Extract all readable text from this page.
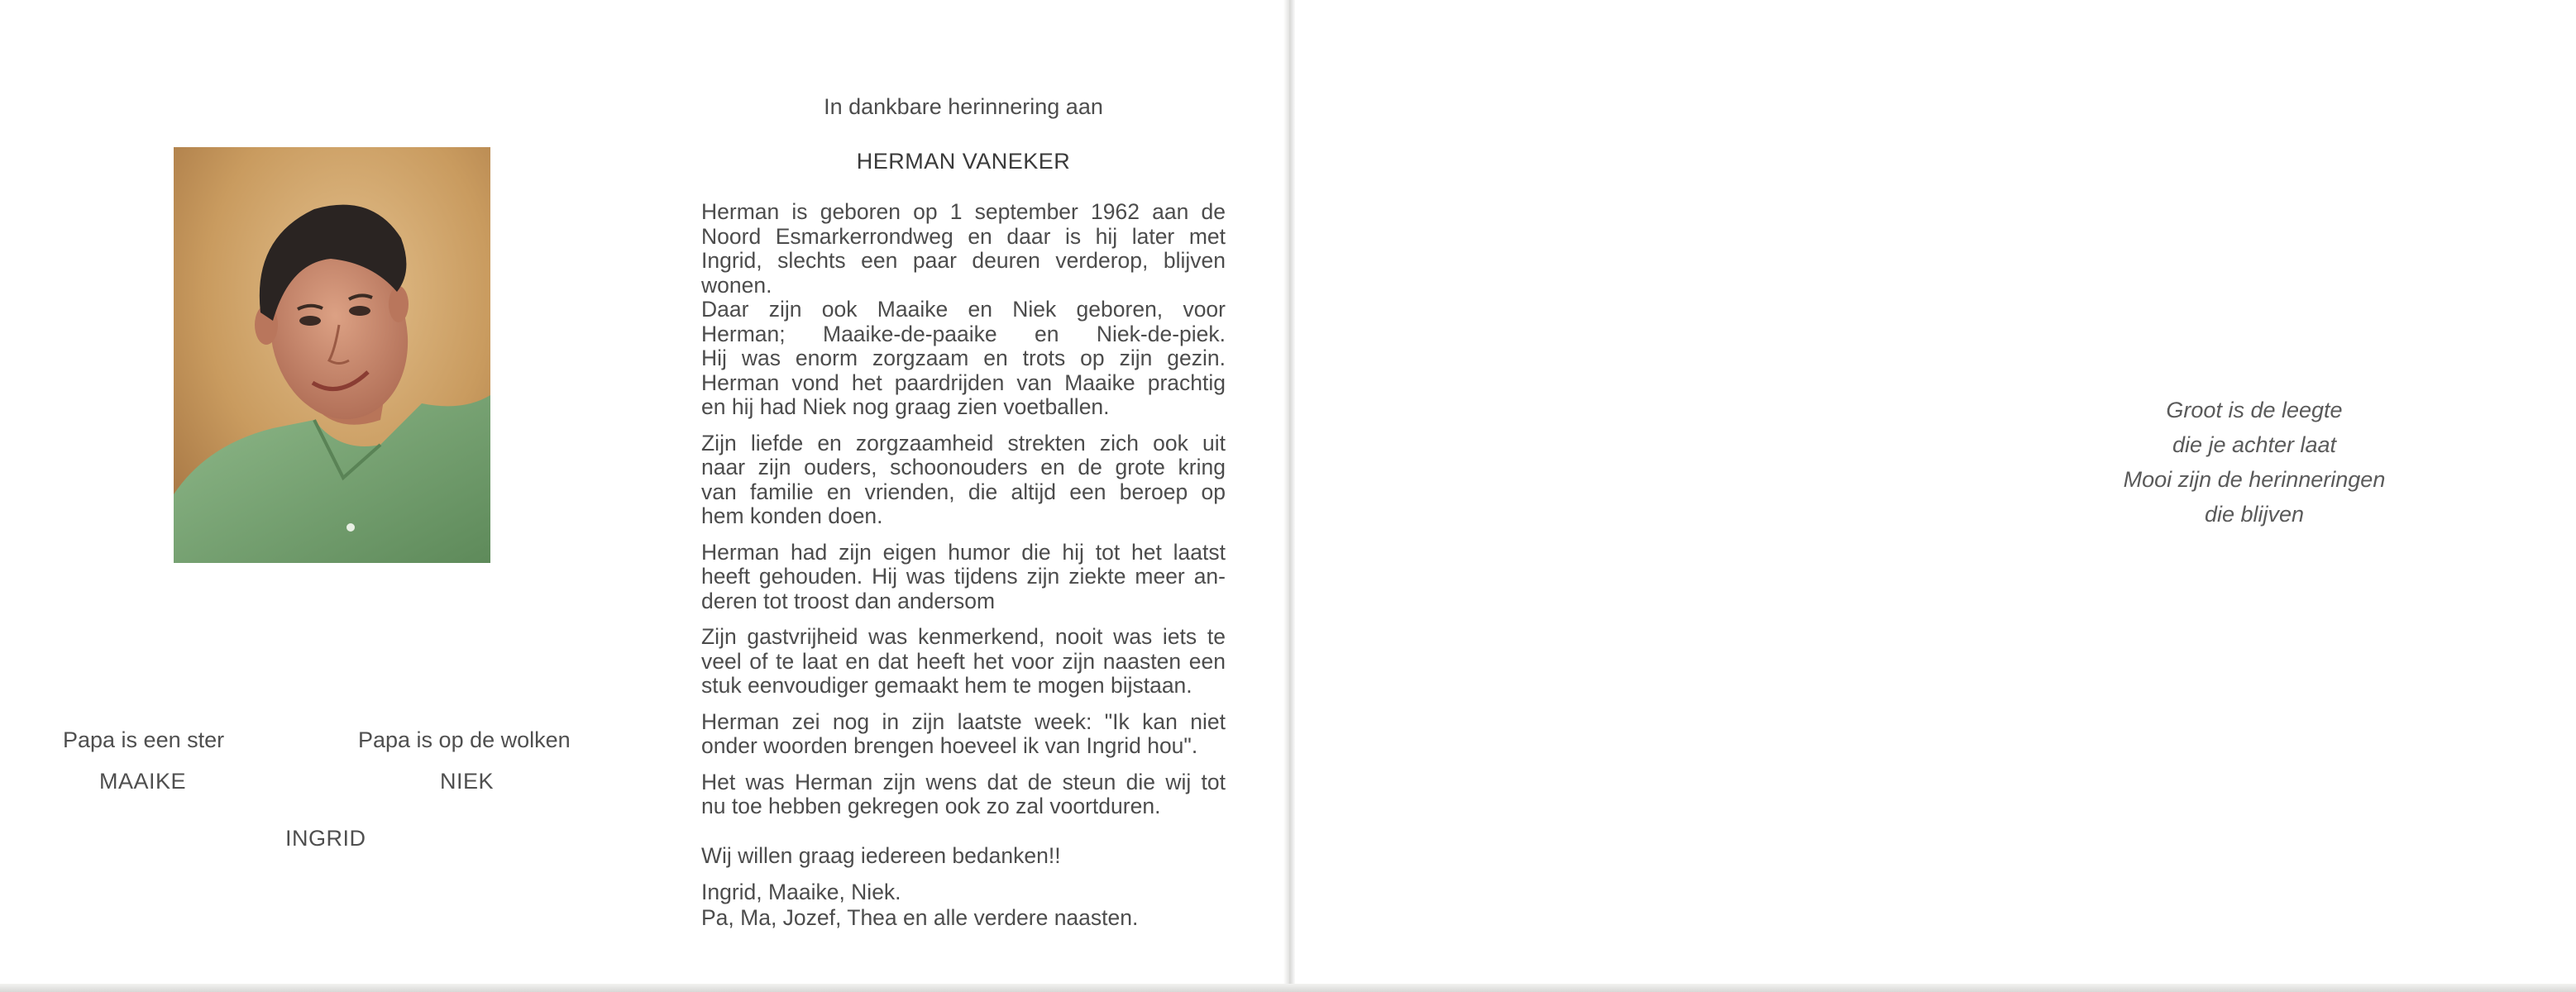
Papa is een ster	Papa is op de wolken
MAAIKE	NIEK
INGRID

In dankbare herinnering aan

HERMAN VANEKER

Herman is geboren op 1 september 1962 aan de
Noord Esmarkerrondweg en daar is hij later met
Ingrid, slechts een paar deuren verderop, blijven
wonen.
Daar zijn ook Maaike en Niek geboren, voor
Herman; Maaike-de-paaike en Niek-de-piek.
Hij was enorm zorgzaam en trots op zijn gezin.
Herman vond het paardrijden van Maaike prachtig
en hij had Niek nog graag zien voetballen.
Zijn liefde en zorgzaamheid strekten zich ook uit
naar zijn ouders, schoonouders en de grote kring
van familie en vrienden, die altijd een beroep op
hem konden doen.
Herman had zijn eigen humor die hij tot het laatst
heeft gehouden. Hij was tijdens zijn ziekte meer an-
deren tot troost dan andersom
Zijn gastvrijheid was kenmerkend, nooit was iets te
veel of te laat en dat heeft het voor zijn naasten een
stuk eenvoudiger gemaakt hem te mogen bijstaan.
Herman zei nog in zijn laatste week: "Ik kan niet
onder woorden brengen hoeveel ik van Ingrid hou".
Het was Herman zijn wens dat de steun die wij tot
nu toe hebben gekregen ook zo zal voortduren.

Wij willen graag iedereen bedanken!!

Ingrid, Maaike, Niek.

Pa, Ma, Jozef, Thea en alle verdere naasten.

Groot is de leegte
die je achter laat
Mooi zijn de herinneringen
die blijven
